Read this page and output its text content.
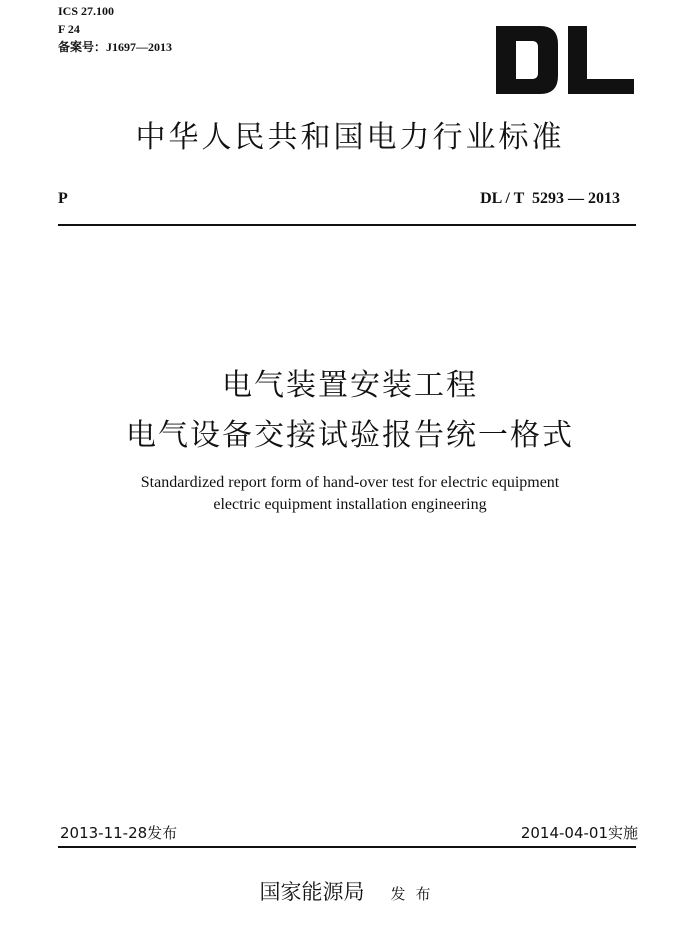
ICS 27.100
F 24
备案号：J1697—2013
中华人民共和国电力行业标准
P	DL / T  5293 — 2013
电气装置安装工程
电气设备交接试验报告统一格式
Standardized report form of hand-over test for electric equipment
electric equipment installation engineering
2013-11-28发布	2014-04-01实施
国家能源局 发布
